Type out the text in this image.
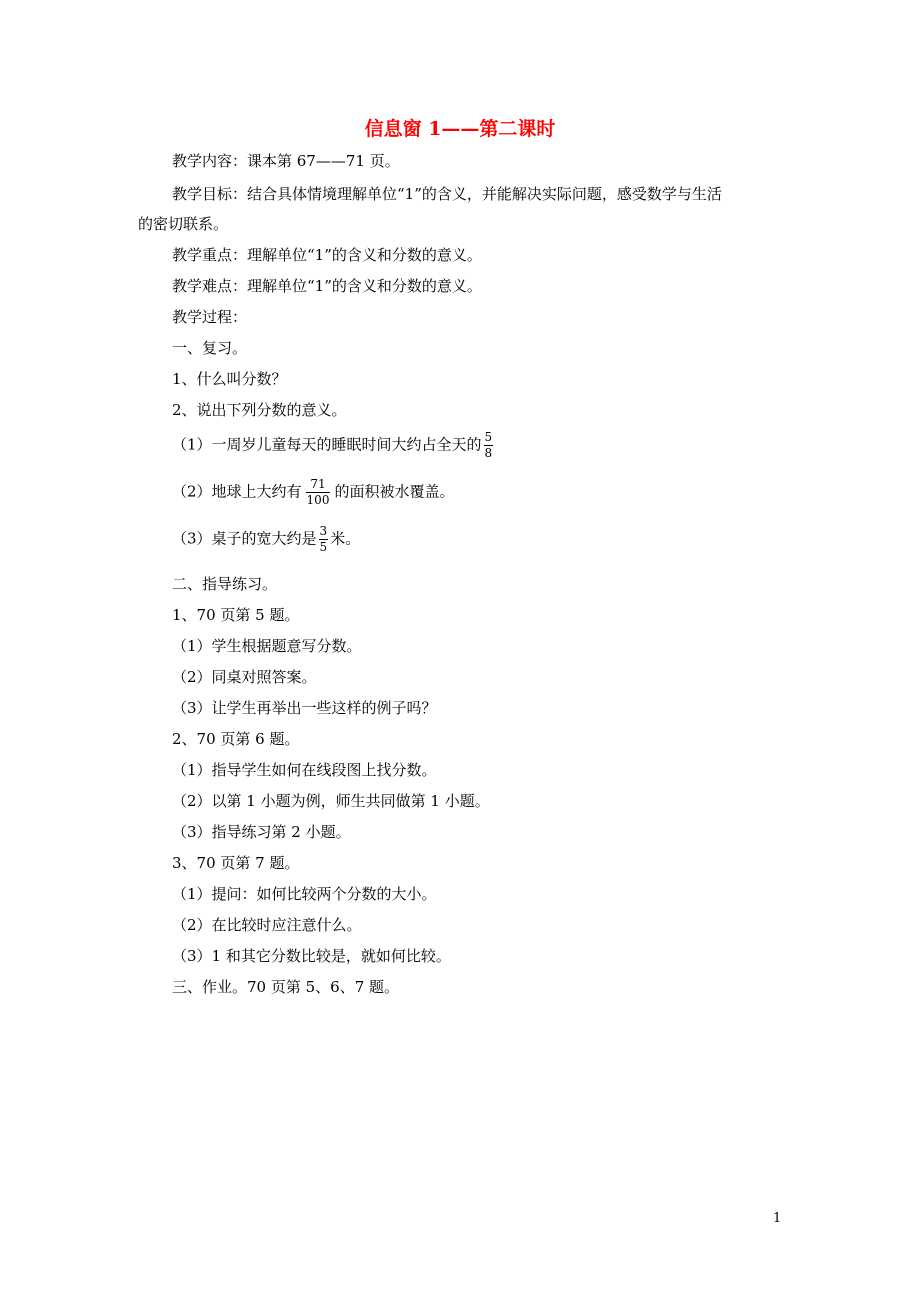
信息窗 1——第二课时
教学内容：课本第 67——71 页。
教学目标：结合具体情境理解单位“1”的含义，并能解决实际问题，感受数学与生活
的密切联系。
教学重点：理解单位“1”的含义和分数的意义。
教学难点：理解单位“1”的含义和分数的意义。
教学过程：
一、复习。
1、什么叫分数？
2、说出下列分数的意义。
（1）一周岁儿童每天的睡眠时间大约占全天的 $\frac{5}{8}$
（2）地球上大约有 $\frac{71}{100}$ 的面积被水覆盖。
（3）桌子的宽大约是 $\frac{3}{5}$ 米。
二、指导练习。
1、70 页第 5 题。
（1）学生根据题意写分数。
（2）同桌对照答案。
（3）让学生再举出一些这样的例子吗？
2、70 页第 6 题。
（1）指导学生如何在线段图上找分数。
（2）以第 1 小题为例，师生共同做第 1 小题。
（3）指导练习第 2 小题。
3、70 页第 7 题。
（1）提问：如何比较两个分数的大小。
（2）在比较时应注意什么。
（3）1 和其它分数比较是，就如何比较。
三、作业。70 页第 5、6、7 题。
1
